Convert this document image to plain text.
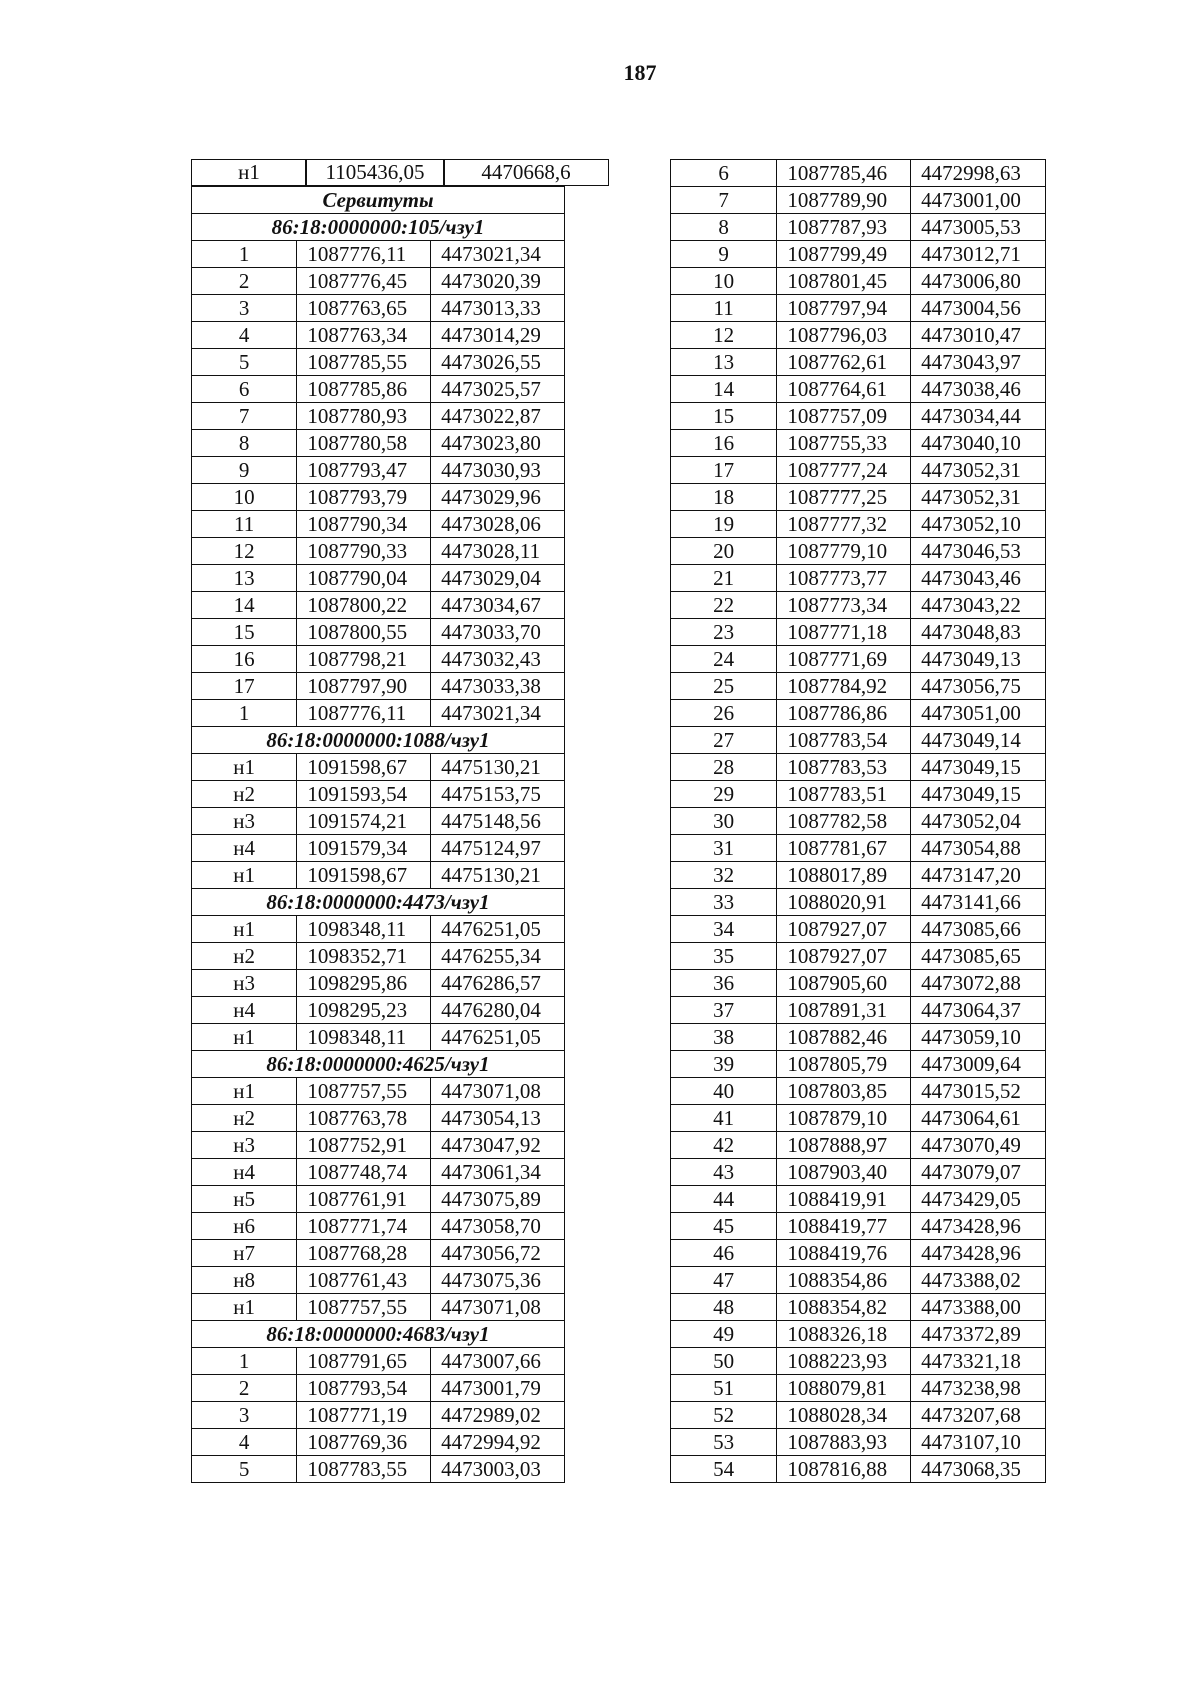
187
н1	1105436,05	4470668,6
Сервитуты		
86:18:0000000:105/чзу1		
1	1087776,11	4473021,34
2	1087776,45	4473020,39
3	1087763,65	4473013,33
4	1087763,34	4473014,29
5	1087785,55	4473026,55
6	1087785,86	4473025,57
7	1087780,93	4473022,87
8	1087780,58	4473023,80
9	1087793,47	4473030,93
10	1087793,79	4473029,96
11	1087790,34	4473028,06
12	1087790,33	4473028,11
13	1087790,04	4473029,04
14	1087800,22	4473034,67
15	1087800,55	4473033,70
16	1087798,21	4473032,43
17	1087797,90	4473033,38
1	1087776,11	4473021,34
86:18:0000000:1088/чзу1		
н1	1091598,67	4475130,21
н2	1091593,54	4475153,75
н3	1091574,21	4475148,56
н4	1091579,34	4475124,97
н1	1091598,67	4475130,21
86:18:0000000:4473/чзу1		
н1	1098348,11	4476251,05
н2	1098352,71	4476255,34
н3	1098295,86	4476286,57
н4	1098295,23	4476280,04
н1	1098348,11	4476251,05
86:18:0000000:4625/чзу1		
н1	1087757,55	4473071,08
н2	1087763,78	4473054,13
н3	1087752,91	4473047,92
н4	1087748,74	4473061,34
н5	1087761,91	4473075,89
н6	1087771,74	4473058,70
н7	1087768,28	4473056,72
н8	1087761,43	4473075,36
н1	1087757,55	4473071,08
86:18:0000000:4683/чзу1		
1	1087791,65	4473007,66
2	1087793,54	4473001,79
3	1087771,19	4472989,02
4	1087769,36	4472994,92
5	1087783,55	4473003,03
6	1087785,46	4472998,63
7	1087789,90	4473001,00
8	1087787,93	4473005,53
9	1087799,49	4473012,71
10	1087801,45	4473006,80
11	1087797,94	4473004,56
12	1087796,03	4473010,47
13	1087762,61	4473043,97
14	1087764,61	4473038,46
15	1087757,09	4473034,44
16	1087755,33	4473040,10
17	1087777,24	4473052,31
18	1087777,25	4473052,31
19	1087777,32	4473052,10
20	1087779,10	4473046,53
21	1087773,77	4473043,46
22	1087773,34	4473043,22
23	1087771,18	4473048,83
24	1087771,69	4473049,13
25	1087784,92	4473056,75
26	1087786,86	4473051,00
27	1087783,54	4473049,14
28	1087783,53	4473049,15
29	1087783,51	4473049,15
30	1087782,58	4473052,04
31	1087781,67	4473054,88
32	1088017,89	4473147,20
33	1088020,91	4473141,66
34	1087927,07	4473085,66
35	1087927,07	4473085,65
36	1087905,60	4473072,88
37	1087891,31	4473064,37
38	1087882,46	4473059,10
39	1087805,79	4473009,64
40	1087803,85	4473015,52
41	1087879,10	4473064,61
42	1087888,97	4473070,49
43	1087903,40	4473079,07
44	1088419,91	4473429,05
45	1088419,77	4473428,96
46	1088419,76	4473428,96
47	1088354,86	4473388,02
48	1088354,82	4473388,00
49	1088326,18	4473372,89
50	1088223,93	4473321,18
51	1088079,81	4473238,98
52	1088028,34	4473207,68
53	1087883,93	4473107,10
54	1087816,88	4473068,35
